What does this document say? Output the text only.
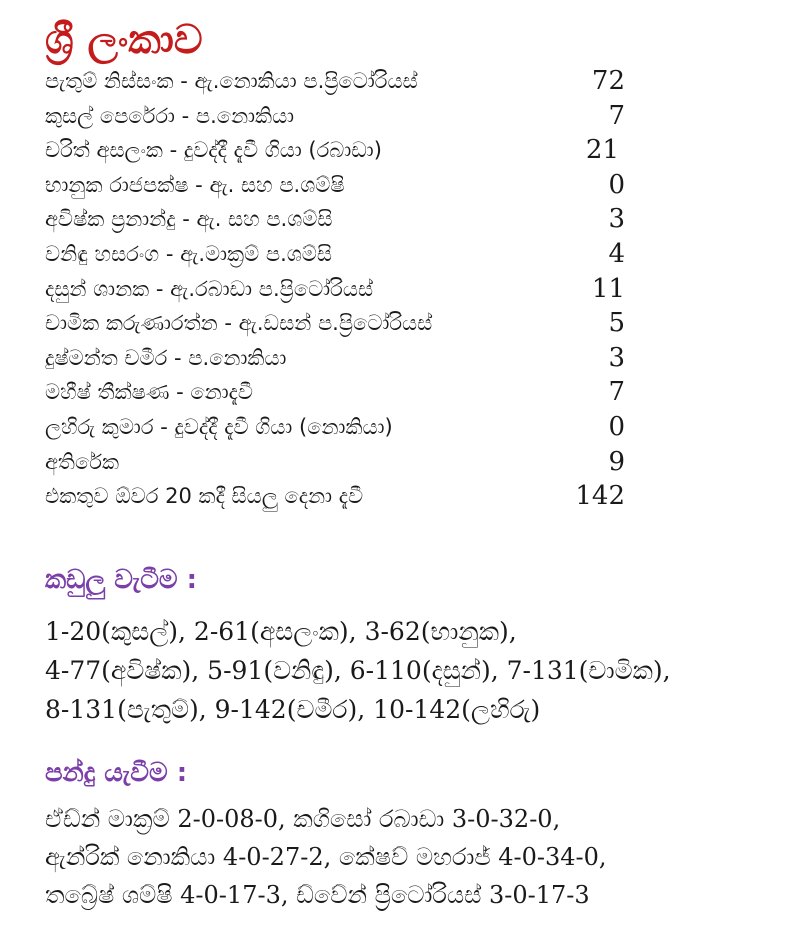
ශ්‍රී ලංකාව
පැතුම් නිස්සංක - ඇ.නොකියා ප.ප්‍රිටෝරියස්	72
කුසල් පෙරේරා - ප.නොකියා	7
චරිත් අසලංක - දුවද්දී දැවී ගියා (රබාඩා)	21
භානුක රාජපක්ෂ - ඇ. සහ ප.ශම්ෂි	0
අවිෂ්ක ප්‍රනාන්දු - ඇ. සහ ප.ශම්සි	3
වනිඳු හසරංග - ඇ.මාක්‍රම් ප.ශම්සි	4
දසුන් ශානක - ඇ.රබාඩා ප.ප්‍රිටෝරියස්	11
චාමික කරුණාරත්න - ඇ.ඩසන් ප.ප්‍රිටෝරියස්	5
දුෂ්මන්ත චමීර - ප.නොකියා	3
මහීෂ් තීක්ෂණ - නොදැවී	7
ලහිරු කුමාර - දුවද්දී දැවී ගියා (නොකියා)	0
අතිරේක	9
එකතුව ඕවර 20 කදී සියලු දෙනා දැවී	142
කඩුලු වැටීම :
1-20(කුසල්), 2-61(අසලංක), 3-62(භානුක),
4-77(අවිෂ්ක), 5-91(වනිඳු), 6-110(දසුන්), 7-131(චාමික),
8-131(පැතුම්), 9-142(චමීර), 10-142(ලහිරු)
පන්දු යැවීම :
ඒඩ්න් මාක්‍රම් 2-0-08-0, කගිසෝ රබාඩා 3-0-32-0,
ඇන්රික් නොකියා 4-0-27-2, කේෂව් මහරාජ් 4-0-34-0,
තබ්‍රේෂ් ශම්ෂි 4-0-17-3, ඩ්වේන් ප්‍රිටෝරියස් 3-0-17-3
